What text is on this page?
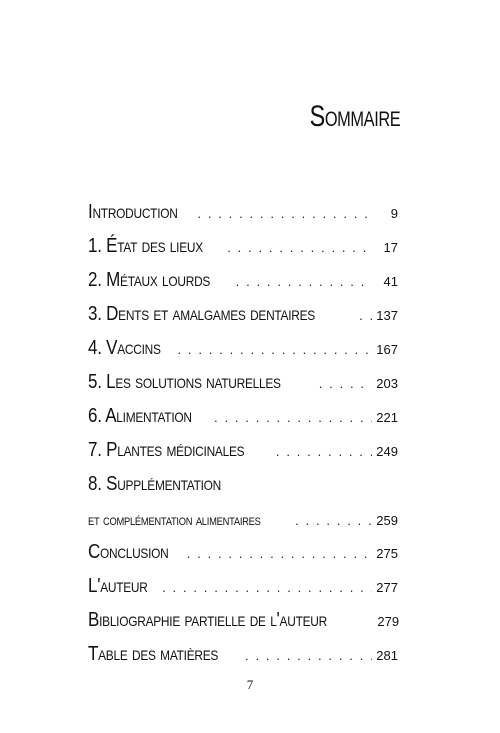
Sommaire
Introduction . . .	9
1. État des lieux . . .	17
2. Métaux lourds . . .	41
3. Dents et amalgames dentaires . . .	137
4. Vaccins . . .	167
5. Les solutions naturelles . . .	203
6. Alimentation . . .	221
7. Plantes médicinales . . .	249
8. Supplémentation
et complémentation alimentaires . . .	259
Conclusion . . .	275
L'auteur . . .	277
Bibliographie partielle de l'auteur	279
Table des matières . . .	281
7
